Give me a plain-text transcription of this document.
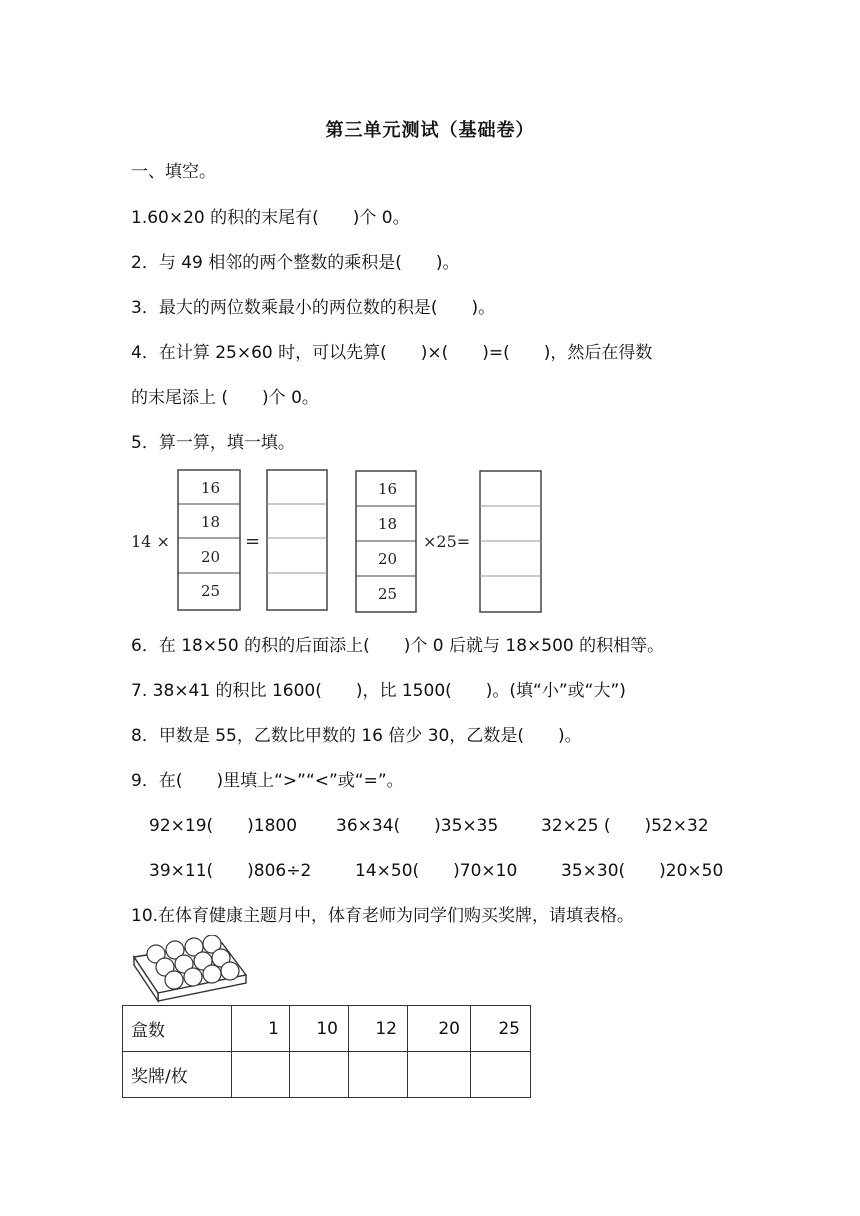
第三单元测试（基础卷）
一、填空。
1.60×20 的积的末尾有(　　)个 0。
2．与 49 相邻的两个整数的乘积是(　　)。
3．最大的两位数乘最小的两位数的积是(　　)。
4．在计算 25×60 时，可以先算(　　)×(　　)=(　　)，然后在得数
的末尾添上 (　　)个 0。
5．算一算，填一填。
14 ×
16
18
20
25
=
16
18
20
25
×25=
6．在 18×50 的积的后面添上(　　)个 0 后就与 18×500 的积相等。
7. 38×41 的积比 1600(　　)，比 1500(　　)。(填“小”或“大”)
8．甲数是 55，乙数比甲数的 16 倍少 30，乙数是(　　)。
9．在(　　)里填上“>”“<”或“=”。
92×19(　　)1800 36×34(　　)35×35	32×25 (　　)52×32
39×11(　　)806÷2	14×50(　　)70×10	35×30(　　)20×50
10.在体育健康主题月中，体育老师为同学们购买奖牌，请填表格。
盒数	1	10	12	20	25
奖牌/枚					
